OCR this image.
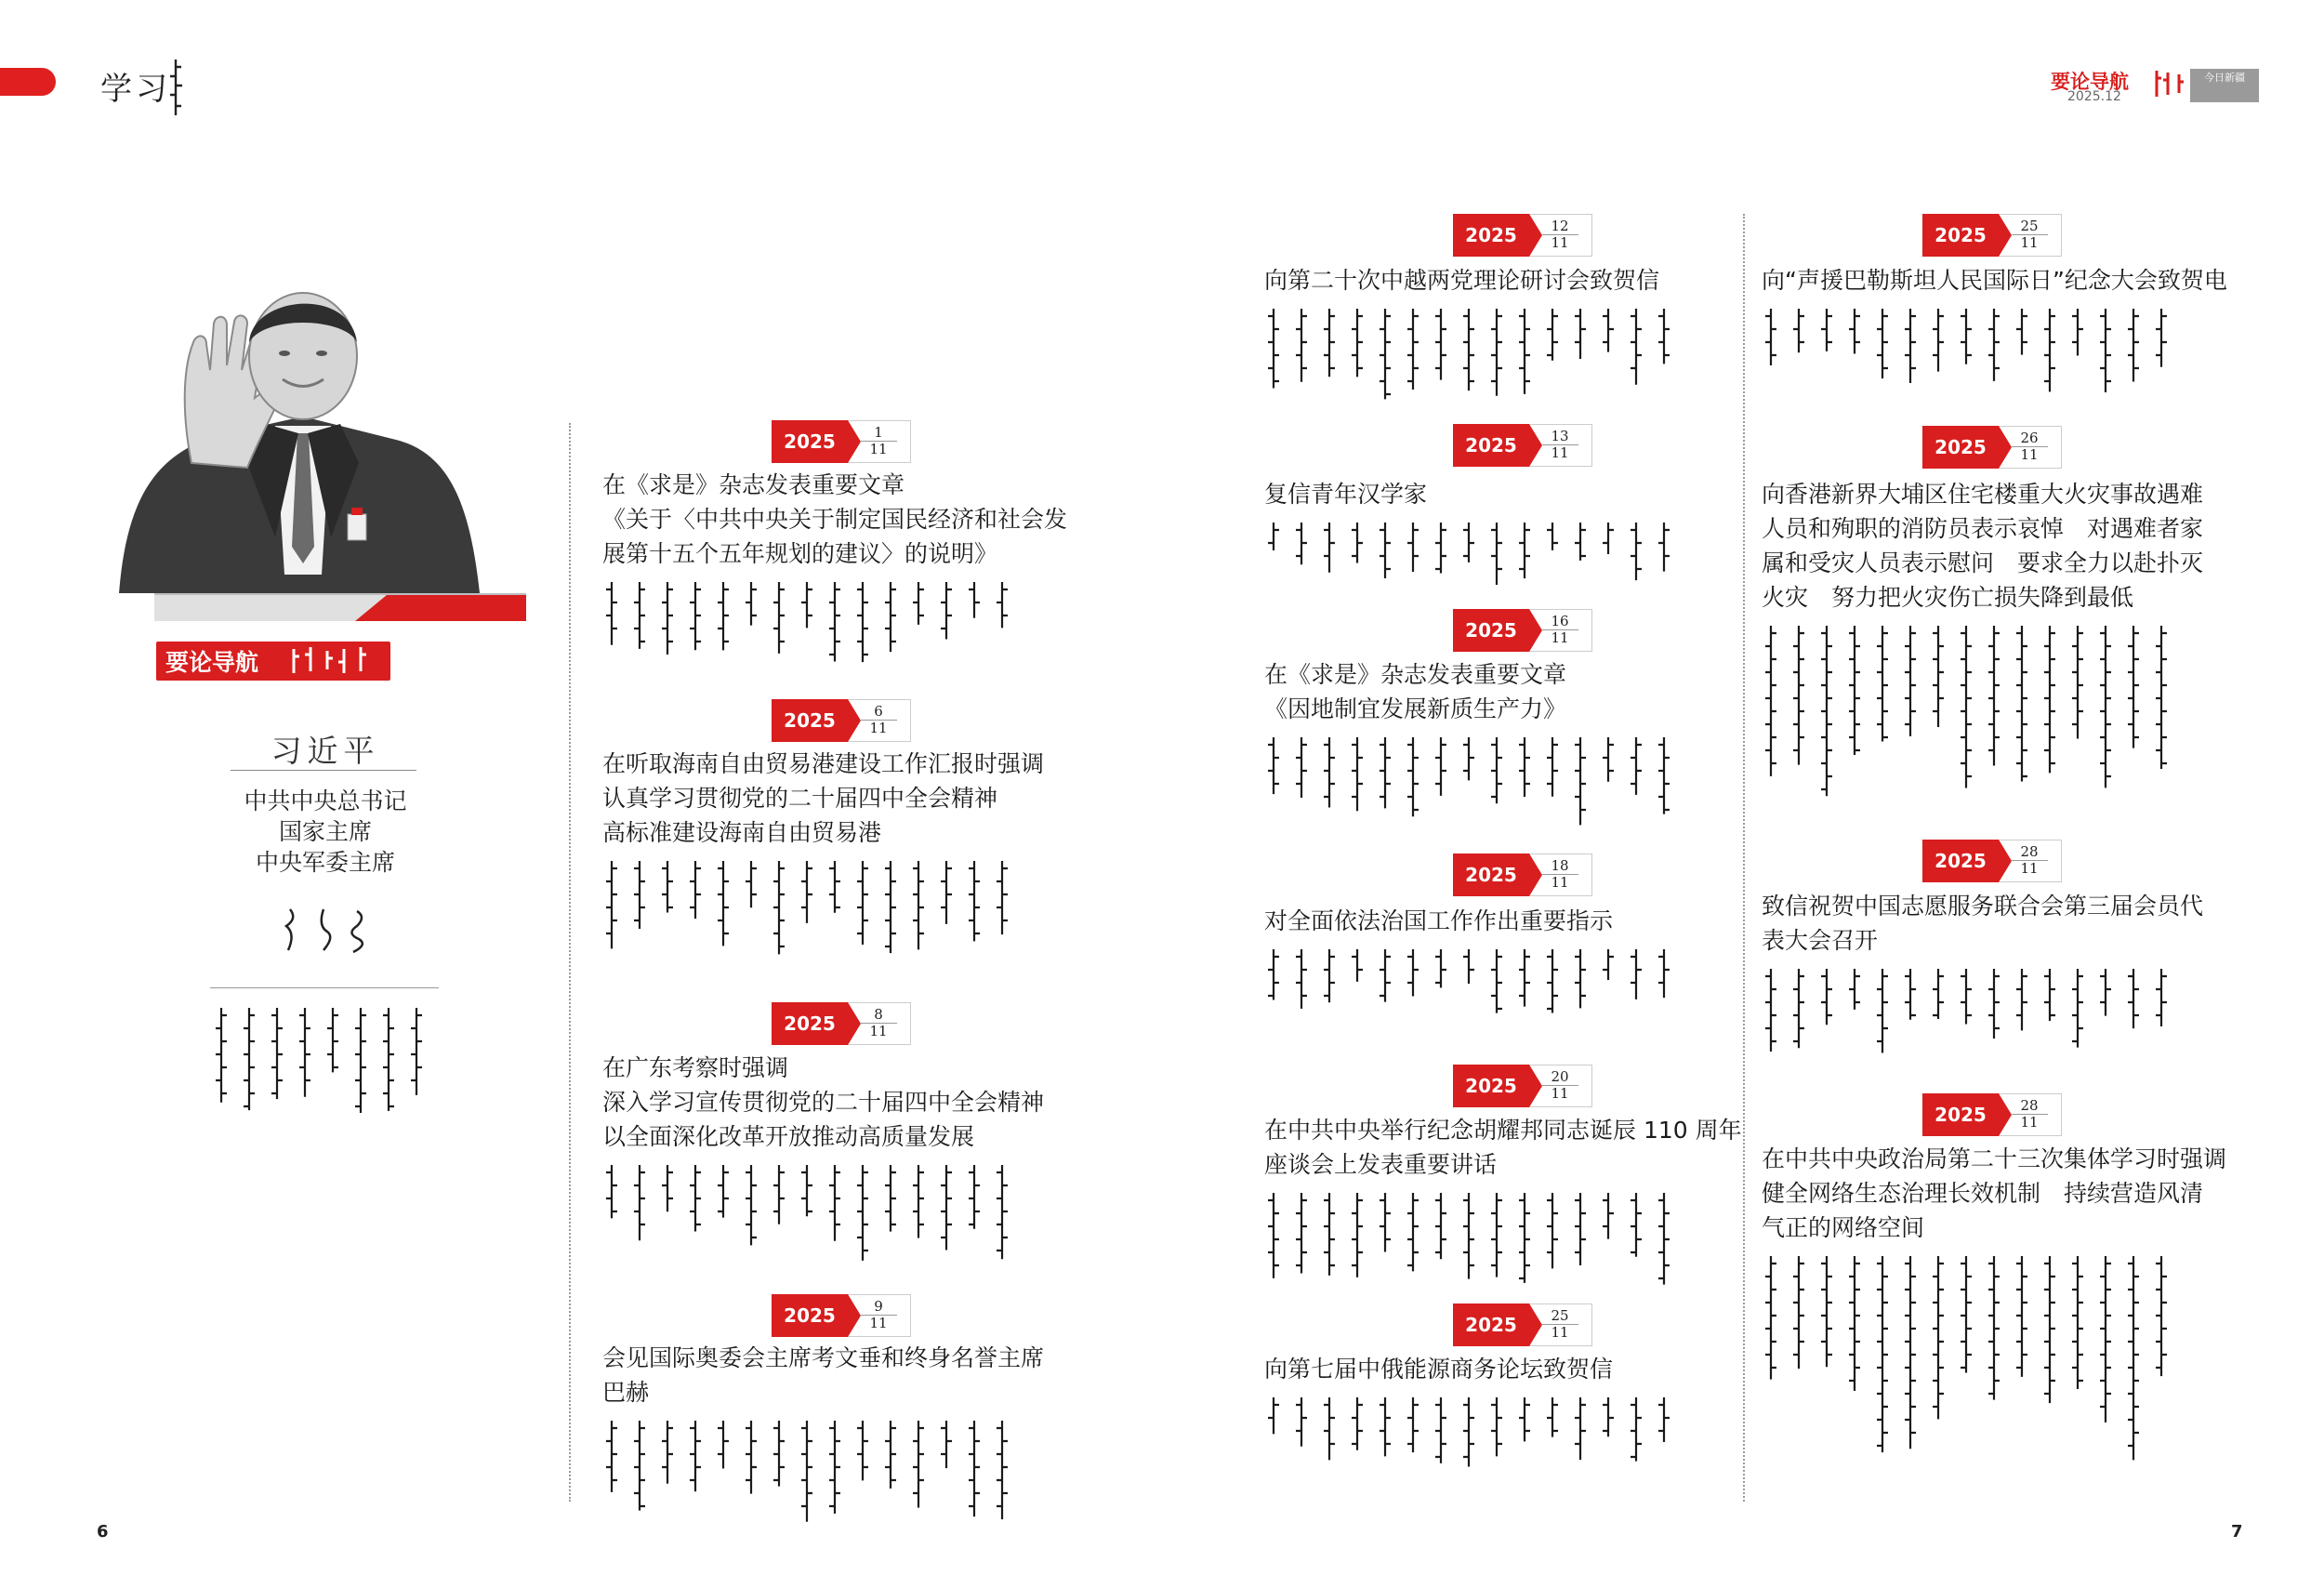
学习	要论导航
2025.12
今日新疆
要论导航
习近平
中共中央总书记
国家主席
中央军委主席
2025	1
11
在《求是》杂志发表重要文章
《关于〈中共中央关于制定国民经济和社会发
展第十五个五年规划的建议〉的说明》
2025	6
11
在听取海南自由贸易港建设工作汇报时强调
认真学习贯彻党的二十届四中全会精神
高标准建设海南自由贸易港
2025	8
11
在广东考察时强调
深入学习宣传贯彻党的二十届四中全会精神
以全面深化改革开放推动高质量发展
2025	9
11
会见国际奥委会主席考文垂和终身名誉主席
巴赫
2025	12
11
向第二十次中越两党理论研讨会致贺信
2025	13
11
复信青年汉学家
2025	16
11
在《求是》杂志发表重要文章
《因地制宜发展新质生产力》
2025	18
11
对全面依法治国工作作出重要指示
2025	20
11
在中共中央举行纪念胡耀邦同志诞辰 110 周年
座谈会上发表重要讲话
2025	25
11
向第七届中俄能源商务论坛致贺信
2025	25
11
向“声援巴勒斯坦人民国际日”纪念大会致贺电
2025	26
11
向香港新界大埔区住宅楼重大火灾事故遇难
人员和殉职的消防员表示哀悼　对遇难者家
属和受灾人员表示慰问　要求全力以赴扑灭
火灾　努力把火灾伤亡损失降到最低
2025	28
11
致信祝贺中国志愿服务联合会第三届会员代
表大会召开
2025	28
11
在中共中央政治局第二十三次集体学习时强调
健全网络生态治理长效机制　持续营造风清
气正的网络空间
6	7
